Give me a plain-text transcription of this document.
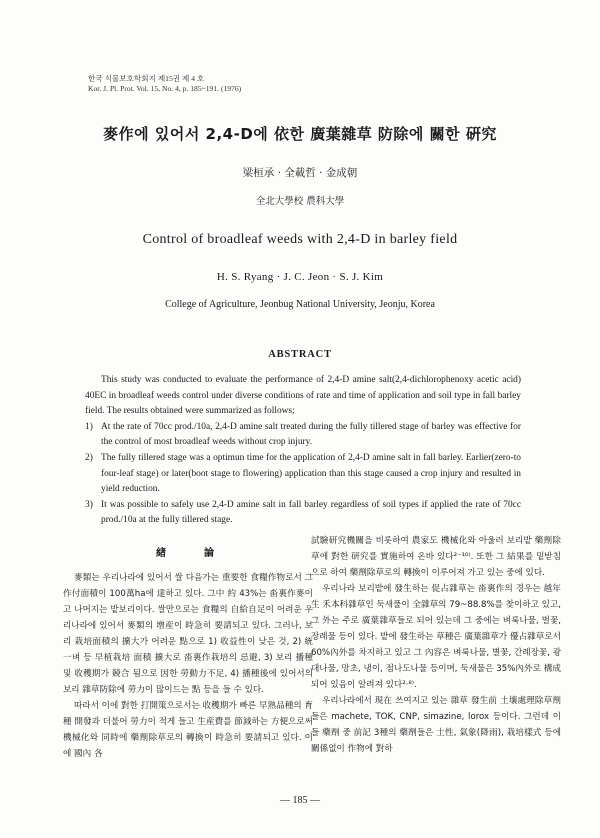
한국 식물보호학회지 제15권 제 4 호
Kor. J. Pl. Prot. Vol. 15, No. 4, p. 185~191. (1976)
麥作에 있어서 2,4-D에 依한 廣葉雜草 防除에 關한 硏究
梁桓承 · 全載哲 · 金成朝
全北大學校 農科大學
Control of broadleaf weeds with 2,4-D in barley field
H. S. Ryang · J. C. Jeon · S. J. Kim
College of Agriculture, Jeonbug National University, Jeonju, Korea
ABSTRACT

This study was conducted to evaluate the performance of 2,4-D amine salt(2,4-dichlorophenoxy acetic acid) 40EC in broadleaf weeds control under diverse conditions of rate and time of application and soil type in fall barley field. The results obtained were summarized as follows;

1) At the rate of 70cc prod./10a, 2,4-D amine salt treated during the fully tillered stage of barley was effective for the control of most broadleaf weeds without crop injury.
2) The fully tillered stage was a optimun time for the application of 2,4-D amine salt in fall barley. Earlier(zero-to four-leaf stage) or later(boot stage to flowering) application than this stage caused a crop injury and resulted in yield reduction.
3) It was possible to safely use 2,4-D amine salt in fall barley regardless of soil types if applied the rate of 70cc prod./10a at the fully tillered stage.
緖　　論

麥類는 우리나라에 있어서 쌀 다음가는 重要한 食糧作物로서 그 作付面積이 100萬ha에 達하고 있다. 그中 約 43%는 畓裏作麥이고 나머지는 밭보리이다. 쌀만으로는 食糧의 自給自足이 어려운 우리나라에 있어서 麥類의 增産이 時急히 要請되고 있다. 그러나, 보리 栽培面積의 擴大가 어려운 點으로 1) 收益性이 낮은 것, 2) 統一벼 등 早植栽培 面積 擴大로 畓裏作栽培의 忌避, 3) 보리 播種 및 收穫期가 競合 됨으로 因한 勞動力不足, 4) 播種後에 있어서의 보리 雜草防除에 勞力이 많이드는 點 등을 들 수 있다.

따라서 이에 對한 打開策으로서는 收穫期가 빠른 早熟品種의 育種 開發과 더불어 勞力이 적게 들고 生産費를 節減하는 方便으로써 機械化와 同時에 藥劑除草로의 轉換이 時急히 要請되고 있다. 이에 國內 各

試驗研究機關을 비롯하여 農家도 機械化와 아울러 보리밭 藥劑除草에 對한 研究를 實施하여 온바 있다²⁻¹⁰⁾. 또한 그 結果를 밑받침으로 하여 藥劑除草로의 轉換이 이루어져 가고 있는 중에 있다.

우리나라 보리밭에 發生하는 促占雜草는 畓裏作의 경우는 越年生 禾本科雜草인 둑새풀이 全雜草의 79~88.8%를 찾이하고 있고, 그 外는 주로 廣葉雜草들로 되어 있는데 그 중에는 벼룩나물, 벌꽃, 장례물 등이 있다. 밭에 發生하는 草種은 廣葉雜草가 優占雜草로서 60%內外를 차지하고 있고 그 內容은 벼룩나물, 별꽃, 간례장꽃, 광대나물, 망초, 냉이, 점나도나물 등이며, 둑새물은 35%內外로 構成되어 있음이 알려져 있다²·⁸⁾.

우리나라에서 現在 쓰여지고 있는 雜草 發生前 土壤處理除草劑들은 machete, TOK, CNP, simazine, lorox 등이다. 그런데 이들 藥劑 중 前記 3種의 藥劑들은 土性, 氣象(降雨), 栽培樣式 등에 關係없이 作物에 對하

— 185 —
